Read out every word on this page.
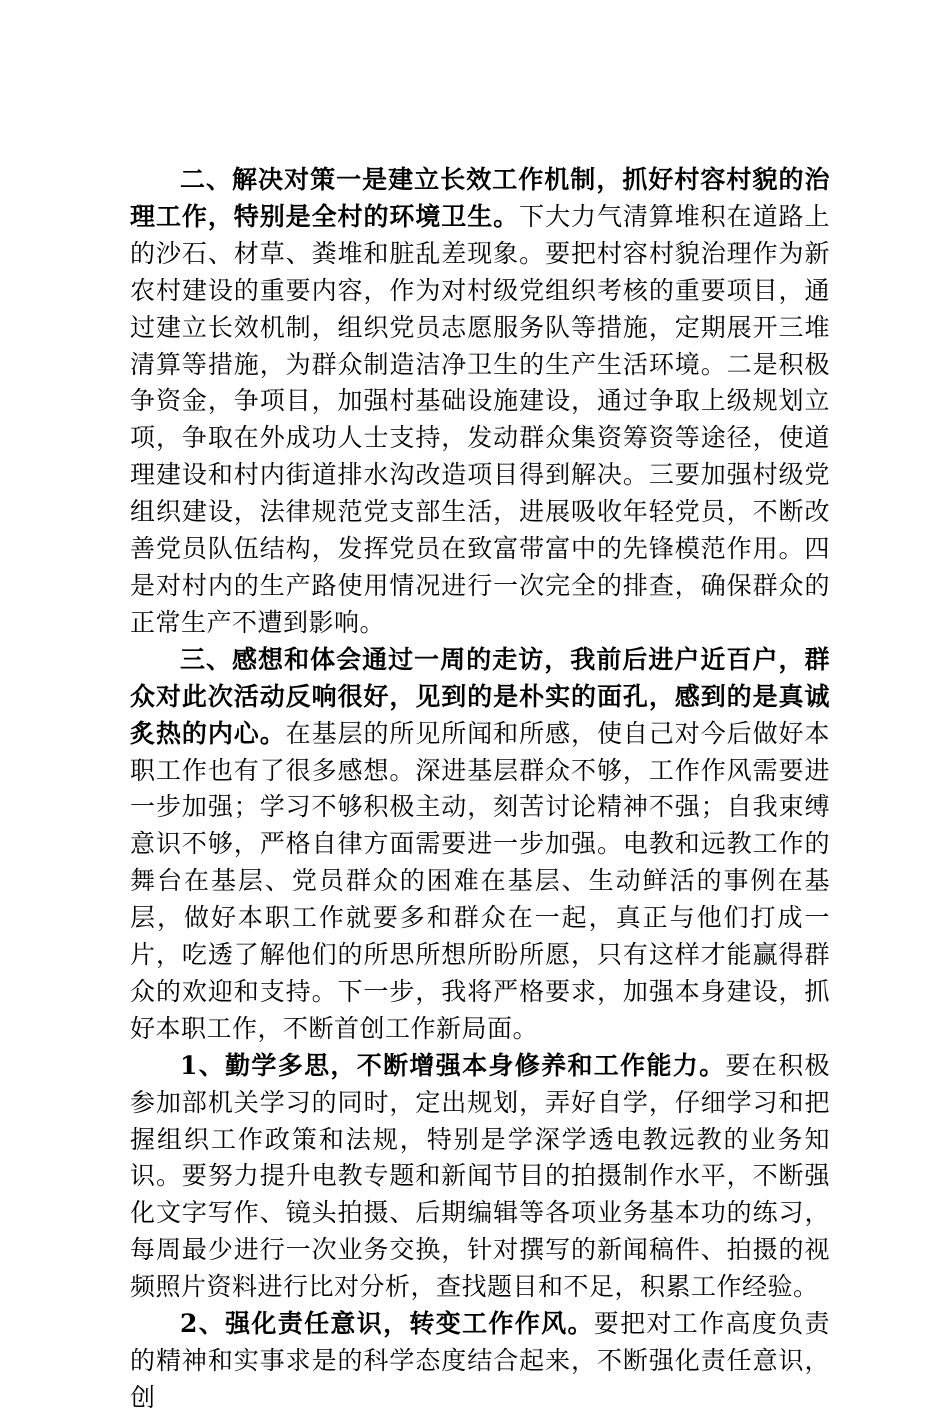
二、解决对策一是建立长效工作机制，抓好村容村貌的治理工作，特别是全村的环境卫生。下大力气清算堆积在道路上的沙石、材草、粪堆和脏乱差现象。要把村容村貌治理作为新农村建设的重要内容，作为对村级党组织考核的重要项目，通过建立长效机制，组织党员志愿服务队等措施，定期展开三堆清算等措施，为群众制造洁净卫生的生产生活环境。二是积极争资金，争项目，加强村基础设施建设，通过争取上级规划立项，争取在外成功人士支持，发动群众集资筹资等途径，使道理建设和村内街道排水沟改造项目得到解决。三要加强村级党组织建设，法律规范党支部生活，进展吸收年轻党员，不断改善党员队伍结构，发挥党员在致富带富中的先锋模范作用。四是对村内的生产路使用情况进行一次完全的排查，确保群众的正常生产不遭到影响。

三、感想和体会通过一周的走访，我前后进户近百户，群众对此次活动反响很好，见到的是朴实的面孔，感到的是真诚炙热的内心。在基层的所见所闻和所感，使自己对今后做好本职工作也有了很多感想。深进基层群众不够，工作作风需要进一步加强；学习不够积极主动，刻苦讨论精神不强；自我束缚意识不够，严格自律方面需要进一步加强。电教和远教工作的舞台在基层、党员群众的困难在基层、生动鲜活的事例在基层，做好本职工作就要多和群众在一起，真正与他们打成一片，吃透了解他们的所思所想所盼所愿，只有这样才能赢得群众的欢迎和支持。下一步，我将严格要求，加强本身建设，抓好本职工作，不断首创工作新局面。

1、勤学多思，不断增强本身修养和工作能力。要在积极参加部机关学习的同时，定出规划，弄好自学，仔细学习和把握组织工作政策和法规，特别是学深学透电教远教的业务知识。要努力提升电教专题和新闻节目的拍摄制作水平，不断强化文字写作、镜头拍摄、后期编辑等各项业务基本功的练习，每周最少进行一次业务交换，针对撰写的新闻稿件、拍摄的视频照片资料进行比对分析，查找题目和不足，积累工作经验。

2、强化责任意识，转变工作作风。要把对工作高度负责的精神和实事求是的科学态度结合起来，不断强化责任意识，创
